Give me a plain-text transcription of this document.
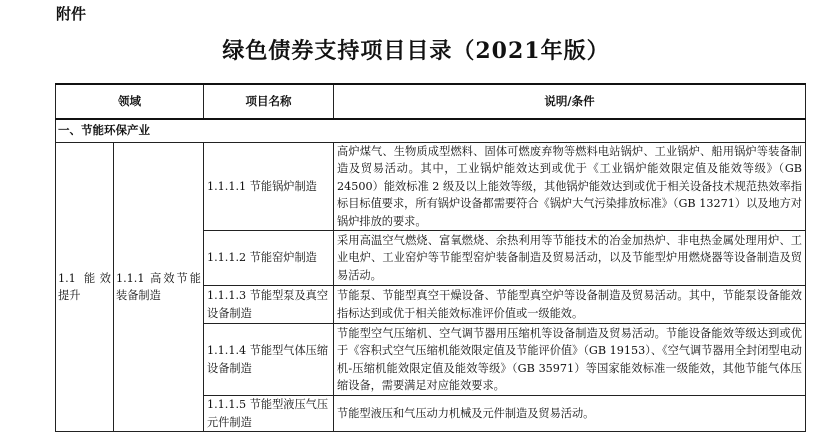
附件
绿色债券支持项目目录（2021年版）
领域		项目名称	说明/条件
一、节能环保产业			
1.1 能效提升	1.1.1 高效节能装备制造	1.1.1.1 节能锅炉制造	高炉煤气、生物质成型燃料、固体可燃废弃物等燃料电站锅炉、工业锅炉、船用锅炉等装备制造及贸易活动。其中，工业锅炉能效达到或优于《工业锅炉能效限定值及能效等级》（GB 24500）能效标准 2 级及以上能效等级，其他锅炉能效达到或优于相关设备技术规范热效率指标目标值要求，所有锅炉设备都需要符合《锅炉大气污染排放标准》（GB 13271）以及地方对锅炉排放的要求。
		1.1.1.2 节能窑炉制造	采用高温空气燃烧、富氧燃烧、余热利用等节能技术的冶金加热炉、非电热金属处理用炉、工业电炉、工业窑炉等节能型窑炉装备制造及贸易活动，以及节能型炉用燃烧器等设备制造及贸易活动。
		1.1.1.3 节能型泵及真空设备制造	节能泵、节能型真空干燥设备、节能型真空炉等设备制造及贸易活动。其中，节能泵设备能效指标达到或优于相关能效标准评价值或一级能效。
		1.1.1.4 节能型气体压缩设备制造	节能型空气压缩机、空气调节器用压缩机等设备制造及贸易活动。节能设备能效等级达到或优于《容积式空气压缩机能效限定值及节能评价值》（GB 19153）、《空气调节器用全封闭型电动机-压缩机能效限定值及能效等级》（GB 35971）等国家能效标准一级能效，其他节能气体压缩设备，需要满足对应能效要求。
		1.1.1.5 节能型液压气压元件制造	节能型液压和气压动力机械及元件制造及贸易活动。
